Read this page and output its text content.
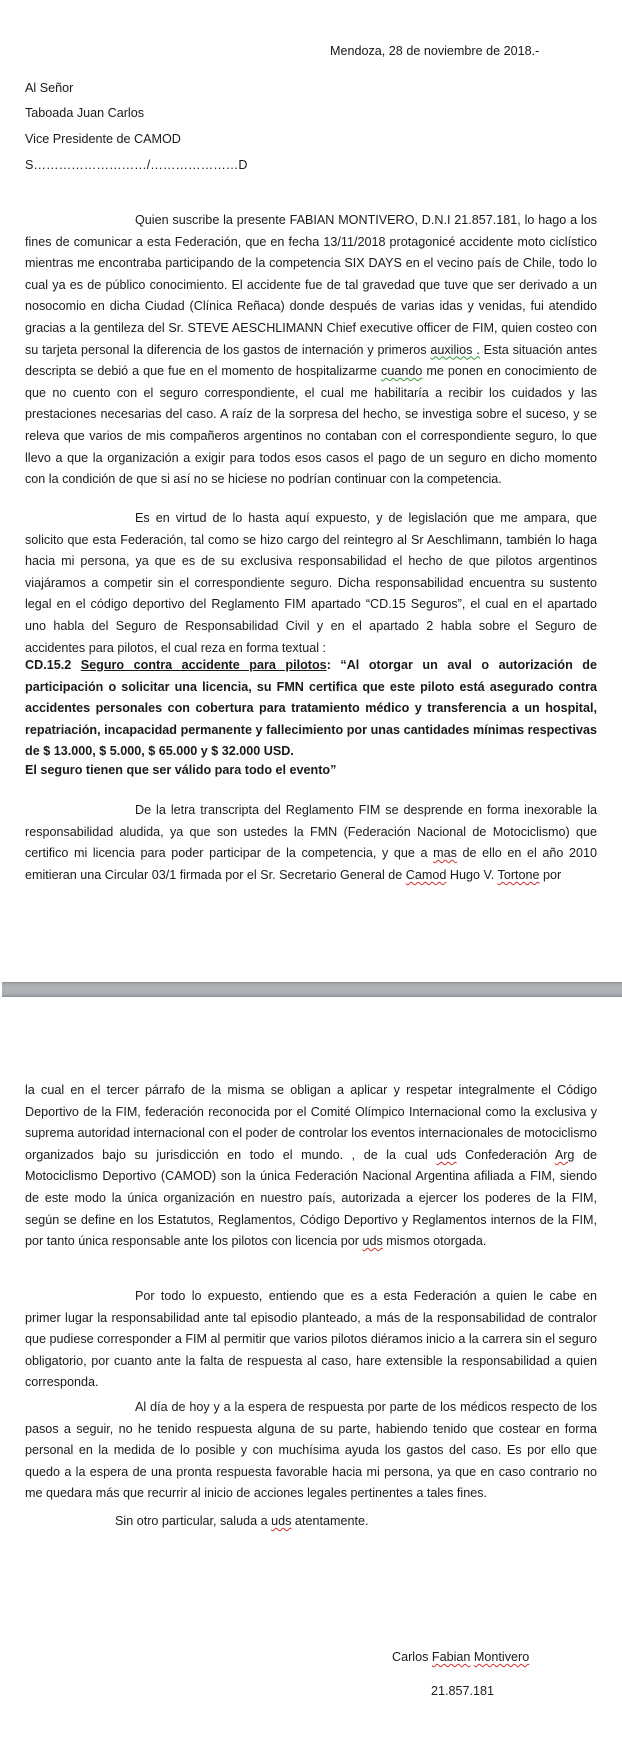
Mendoza, 28 de noviembre de 2018.-
Al Señor
Taboada Juan Carlos
Vice Presidente de CAMOD
S………………………/…………………D
Quien suscribe la presente FABIAN MONTIVERO, D.N.I 21.857.181, lo hago a los fines de comunicar a esta Federación, que en fecha 13/11/2018 protagonicé accidente moto ciclístico mientras me encontraba participando de la competencia SIX DAYS en el vecino país de Chile, todo lo cual ya es de público conocimiento. El accidente fue de tal gravedad que tuve que ser derivado a un nosocomio en dicha Ciudad (Clínica Reñaca) donde después de varias idas y venidas, fui atendido gracias a la gentileza del Sr. STEVE AESCHLIMANN Chief executive officer de FIM, quien costeo con su tarjeta personal la diferencia de los gastos de internación y primeros auxilios . Esta situación antes descripta se debió a que fue en el momento de hospitalizarme cuando me ponen en conocimiento de que no cuento con el seguro correspondiente, el cual me habilitaría a recibir los cuidados y las prestaciones necesarias del caso. A raíz de la sorpresa del hecho, se investiga sobre el suceso, y se releva que varios de mis compañeros argentinos no contaban con el correspondiente seguro, lo que llevo a que la organización a exigir para todos esos casos el pago de un seguro en dicho momento con la condición de que si así no se hiciese no podrían continuar con la competencia.
Es en virtud de lo hasta aquí expuesto, y de legislación que me ampara, que solicito que esta Federación, tal como se hizo cargo del reintegro al Sr Aeschlimann, también lo haga hacia mi persona, ya que es de su exclusiva responsabilidad el hecho de que pilotos argentinos viajáramos a competir sin el correspondiente seguro. Dicha responsabilidad encuentra su sustento legal en el código deportivo del Reglamento FIM apartado “CD.15 Seguros”, el cual en el apartado uno habla del Seguro de Responsabilidad Civil y en el apartado 2 habla sobre el Seguro de accidentes para pilotos, el cual reza en forma textual :
CD.15.2 Seguro contra accidente para pilotos: “Al otorgar un aval o autorización de participación o solicitar una licencia, su FMN certifica que este piloto está asegurado contra accidentes personales con cobertura para tratamiento médico y transferencia a un hospital, repatriación, incapacidad permanente y fallecimiento por unas cantidades mínimas respectivas de $ 13.000, $ 5.000, $ 65.000 y $ 32.000 USD.
El seguro tienen que ser válido para todo el evento”
De la letra transcripta del Reglamento FIM se desprende en forma inexorable la responsabilidad aludida, ya que son ustedes la FMN (Federación Nacional de Motociclismo) que certifico mi licencia para poder participar de la competencia, y que a mas de ello en el año 2010 emitieran una Circular 03/1 firmada por el Sr. Secretario General de Camod Hugo V. Tortone por
la cual en el tercer párrafo de la misma se obligan a aplicar y respetar integralmente el Código Deportivo de la FIM, federación reconocida por el Comité Olímpico Internacional como la exclusiva y suprema autoridad internacional con el poder de controlar los eventos internacionales de motociclismo organizados bajo su jurisdicción en todo el mundo. , de la cual uds Confederación Arg de Motociclismo Deportivo (CAMOD) son la única Federación Nacional Argentina afiliada a FIM, siendo de este modo la única organización en nuestro país, autorizada a ejercer los poderes de la FIM, según se define en los Estatutos, Reglamentos, Código Deportivo y Reglamentos internos de la FIM, por tanto única responsable ante los pilotos con licencia por uds mismos otorgada.
Por todo lo expuesto, entiendo que es a esta Federación a quien le cabe en primer lugar la responsabilidad ante tal episodio planteado, a más de la responsabilidad de contralor que pudiese corresponder a FIM al permitir que varios pilotos diéramos inicio a la carrera sin el seguro obligatorio, por cuanto ante la falta de respuesta al caso, hare extensible la responsabilidad a quien corresponda.
Al día de hoy y a la espera de respuesta por parte de los médicos respecto de los pasos a seguir, no he tenido respuesta alguna de su parte, habiendo tenido que costear en forma personal en la medida de lo posible y con muchísima ayuda los gastos del caso. Es por ello que quedo a la espera de una pronta respuesta favorable hacia mi persona, ya que en caso contrario no me quedara más que recurrir al inicio de acciones legales pertinentes a tales fines.
Sin otro particular, saluda a uds atentamente.
Carlos Fabian Montivero
21.857.181
